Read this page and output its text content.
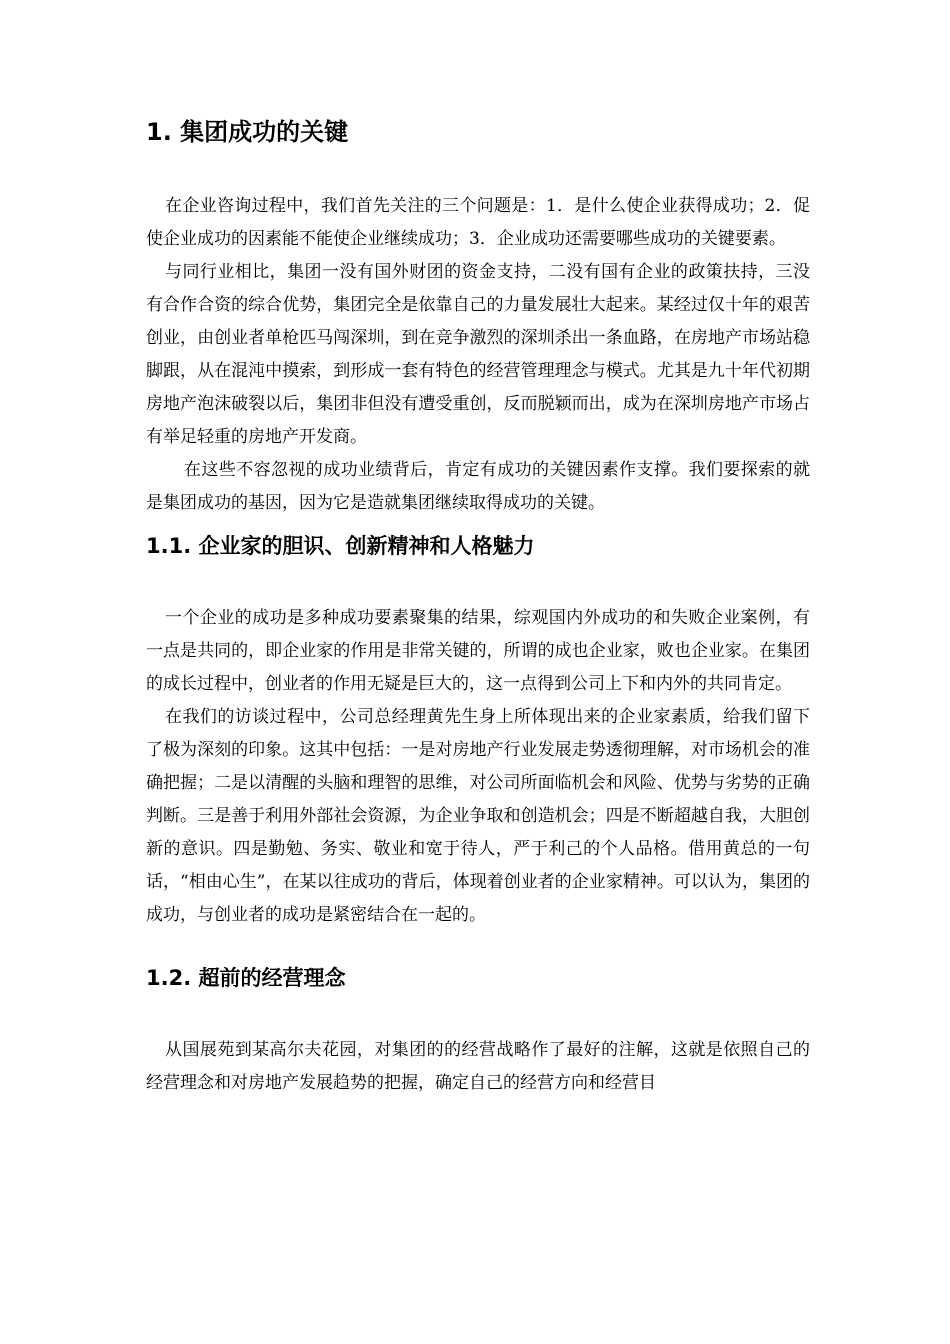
1. 集团成功的关键

在企业咨询过程中，我们首先关注的三个问题是：1．是什么使企业获得成功；2．促使企业成功的因素能不能使企业继续成功；3．企业成功还需要哪些成功的关键要素。

与同行业相比，集团一没有国外财团的资金支持，二没有国有企业的政策扶持，三没有合作合资的综合优势，集团完全是依靠自己的力量发展壮大起来。某经过仅十年的艰苦创业，由创业者单枪匹马闯深圳，到在竞争激烈的深圳杀出一条血路，在房地产市场站稳脚跟，从在混沌中摸索，到形成一套有特色的经营管理理念与模式。尤其是九十年代初期房地产泡沫破裂以后，集团非但没有遭受重创，反而脱颖而出，成为在深圳房地产市场占有举足轻重的房地产开发商。

在这些不容忽视的成功业绩背后，肯定有成功的关键因素作支撑。我们要探索的就是集团成功的基因，因为它是造就集团继续取得成功的关键。

1.1. 企业家的胆识、创新精神和人格魅力

一个企业的成功是多种成功要素聚集的结果，综观国内外成功的和失败企业案例，有一点是共同的，即企业家的作用是非常关键的，所谓的成也企业家，败也企业家。在集团的成长过程中，创业者的作用无疑是巨大的，这一点得到公司上下和内外的共同肯定。

在我们的访谈过程中，公司总经理黄先生身上所体现出来的企业家素质，给我们留下了极为深刻的印象。这其中包括：一是对房地产行业发展走势透彻理解，对市场机会的准确把握；二是以清醒的头脑和理智的思维，对公司所面临机会和风险、优势与劣势的正确判断。三是善于利用外部社会资源，为企业争取和创造机会；四是不断超越自我，大胆创新的意识。四是勤勉、务实、敬业和宽于待人，严于利己的个人品格。借用黄总的一句话，“相由心生”，在某以往成功的背后，体现着创业者的企业家精神。可以认为，集团的成功，与创业者的成功是紧密结合在一起的。

1.2. 超前的经营理念

从国展苑到某高尔夫花园，对集团的的经营战略作了最好的注解，这就是依照自己的经营理念和对房地产发展趋势的把握，确定自己的经营方向和经营目
